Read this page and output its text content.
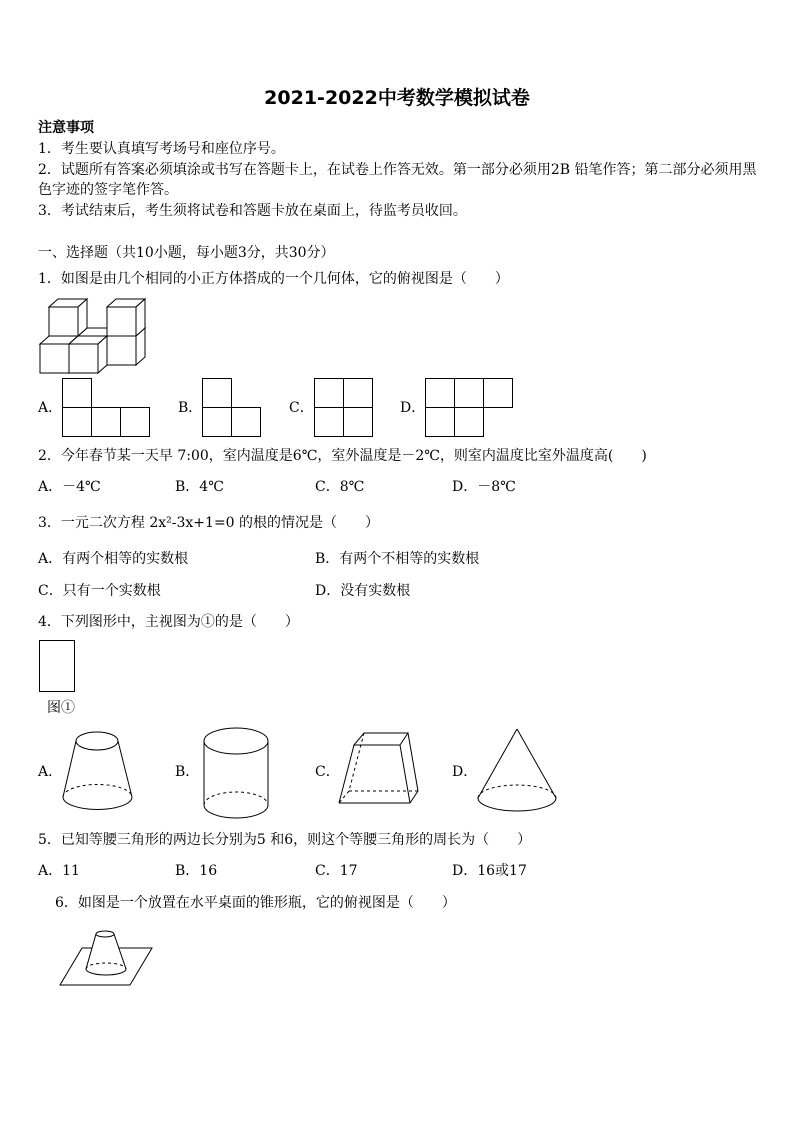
2021-2022中考数学模拟试卷
注意事项
1．考生要认真填写考场号和座位序号。
2．试题所有答案必须填涂或书写在答题卡上，在试卷上作答无效。第一部分必须用2B 铅笔作答；第二部分必须用黑
色字迹的签字笔作答。
3．考试结束后，考生须将试卷和答题卡放在桌面上，待监考员收回。
一、选择题（共10小题，每小题3分，共30分）
1．如图是由几个相同的小正方体搭成的一个几何体，它的俯视图是（　　）
A．	B．	C．	D．
2．今年春节某一天早 7:00，室内温度是6℃，室外温度是－2℃，则室内温度比室外温度高(　　)
A．－4℃	B．4℃	C．8℃	D．－8℃
3．一元二次方程 2x²-3x+1=0 的根的情况是（　　）
A．有两个相等的实数根	B．有两个不相等的实数根
C．只有一个实数根	D．没有实数根
4．下列图形中，主视图为①的是（　　）
图①
A．	B．	C．	D．
5．已知等腰三角形的两边长分别为5 和6，则这个等腰三角形的周长为（　　）
A．11	B．16	C．17	D．16或17
6．如图是一个放置在水平桌面的锥形瓶，它的俯视图是（　　）
